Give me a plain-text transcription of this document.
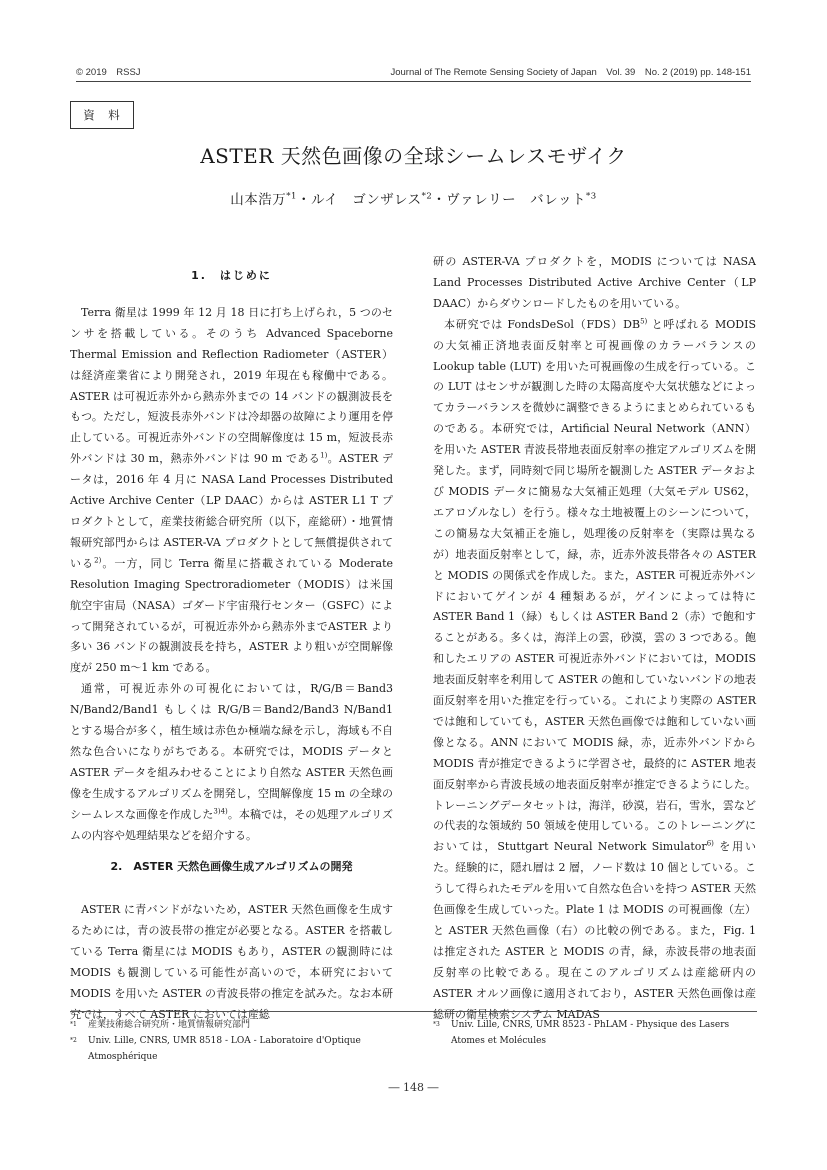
© 2019　RSSJ	Journal of The Remote Sensing Society of Japan　Vol. 39　No. 2 (2019) pp. 148-151
資　料
ASTER 天然色画像の全球シームレスモザイク
山本浩万$^{*1}$・ルイ　ゴンザレス$^{*2}$・ヴァレリー　バレット$^{*3}$
1.　はじめに

Terra 衛星は 1999 年 12 月 18 日に打ち上げられ，5 つのセンサを搭載している。そのうち Advanced Spaceborne Thermal Emission and Reflection Radiometer（ASTER）は経済産業省により開発され，2019 年現在も稼働中である。ASTER は可視近赤外から熱赤外までの 14 バンドの観測波長をもつ。ただし，短波長赤外バンドは冷却器の故障により運用を停止している。可視近赤外バンドの空間解像度は 15 m，短波長赤外バンドは 30 m，熱赤外バンドは 90 m である$^{1)}$。ASTER データは，2016 年 4 月に NASA Land Processes Distributed Active Archive Center（LP DAAC）からは ASTER L1 T プロダクトとして，産業技術総合研究所（以下，産総研）・地質情報研究部門からは ASTER-VA プロダクトとして無償提供されている$^{2)}$。一方，同じ Terra 衛星に搭載されている Moderate Resolution Imaging Spectroradiometer（MODIS）は米国航空宇宙局（NASA）ゴダード宇宙飛行センター（GSFC）によって開発されているが，可視近赤外から熱赤外までASTER より多い 36 バンドの観測波長を持ち，ASTER より粗いが空間解像度が 250 m～1 km である。

通常，可視近赤外の可視化においては，R/G/B＝Band3 N/Band2/Band1 もしくは R/G/B＝Band2/Band3 N/Band1 とする場合が多く，植生域は赤色か極端な緑を示し，海域も不自然な色合いになりがちである。本研究では，MODIS データと ASTER データを組みわせることにより自然な ASTER 天然色画像を生成するアルゴリズムを開発し，空間解像度 15 m の全球のシームレスな画像を作成した$^{3)4)}$。本稿では，その処理アルゴリズムの内容や処理結果などを紹介する。

2.　ASTER 天然色画像生成アルゴリズムの開発

ASTER に青バンドがないため，ASTER 天然色画像を生成するためには，青の波長帯の推定が必要となる。ASTER を搭載している Terra 衛星には MODIS もあり，ASTER の観測時には MODIS も観測している可能性が高いので，本研究において MODIS を用いた ASTER の青波長帯の推定を試みた。なお本研究では，すべて ASTER においては産総

研の ASTER-VA プロダクトを，MODIS については NASA Land Processes Distributed Active Archive Center（LP DAAC）からダウンロードしたものを用いている。

本研究では FondsDeSol（FDS）DB$^{5)}$ と呼ばれる MODIS の大気補正済地表面反射率と可視画像のカラーバランスの Lookup table (LUT) を用いた可視画像の生成を行っている。この LUT はセンサが観測した時の太陽高度や大気状態などによってカラーバランスを微妙に調整できるようにまとめられているものである。本研究では，Artificial Neural Network（ANN）を用いた ASTER 青波長帯地表面反射率の推定アルゴリズムを開発した。まず，同時刻で同じ場所を観測した ASTER データおよび MODIS データに簡易な大気補正処理（大気モデル US62，エアロゾルなし）を行う。様々な土地被覆上のシーンについて，この簡易な大気補正を施し，処理後の反射率を（実際は異なるが）地表面反射率として，緑，赤，近赤外波長帯各々の ASTER と MODIS の関係式を作成した。また，ASTER 可視近赤外バンドにおいてゲインが 4 種類あるが，ゲインによっては特に ASTER Band 1（緑）もしくは ASTER Band 2（赤）で飽和することがある。多くは，海洋上の雲，砂漠，雲の 3 つである。飽和したエリアの ASTER 可視近赤外バンドにおいては，MODIS 地表面反射率を利用して ASTER の飽和していないバンドの地表面反射率を用いた推定を行っている。これにより実際の ASTER では飽和していても，ASTER 天然色画像では飽和していない画像となる。ANN において MODIS 緑，赤，近赤外バンドから MODIS 青が推定できるように学習させ，最終的に ASTER 地表面反射率から青波長域の地表面反射率が推定できるようにした。トレーニングデータセットは，海洋，砂漠，岩石，雪氷，雲などの代表的な領域約 50 領域を使用している。このトレーニングにおいては，Stuttgart Neural Network Simulator$^{6)}$ を用いた。経験的に，隠れ層は 2 層，ノード数は 10 個としている。こうして得られたモデルを用いて自然な色合いを持つ ASTER 天然色画像を生成していった。Plate 1 は MODIS の可視画像（左）と ASTER 天然色画像（右）の比較の例である。また，Fig. 1 は推定された ASTER と MODIS の青，緑，赤波長帯の地表面反射率の比較である。現在このアルゴリズムは産総研内の ASTER オルソ画像に適用されており，ASTER 天然色画像は産総研の衛星検索システム MADAS

*1	産業技術総合研究所・地質情報研究部門
*2	Univ. Lille, CNRS, UMR 8518 - LOA - Laboratoire d'Optique Atmosphérique
*3	Univ. Lille, CNRS, UMR 8523 - PhLAM - Physique des Lasers Atomes et Molécules
― 148 ―
